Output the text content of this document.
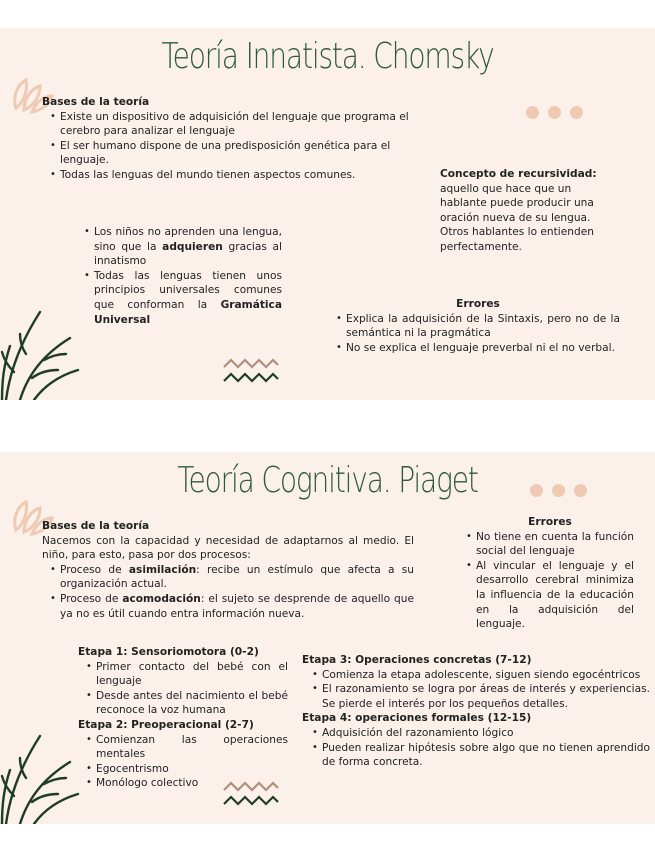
Teoría Innatista. Chomsky
Bases de la teoría
• Existe un dispositivo de adquisición del lenguaje que programa el cerebro para analizar el lenguaje
• El ser humano dispone de una predisposición genética para el lenguaje.
• Todas las lenguas del mundo tienen aspectos comunes.	Concepto de recursividad:
aquello que hace que un hablante puede producir una oración nueva de su lengua. Otros hablantes lo entienden perfectamente.
• Los niños no aprenden una lengua, sino que la adquieren gracias al innatismo
• Todas las lenguas tienen unos principios universales comunes que conforman la Gramática Universal
Errores
• Explica la adquisición de la Sintaxis, pero no de la semántica ni la pragmática
• No se explica el lenguaje preverbal ni el no verbal.
Teoría Cognitiva. Piaget
Bases de la teoría
Nacemos con la capacidad y necesidad de adaptarnos al medio. El niño, para esto, pasa por dos procesos:
• Proceso de asimilación: recibe un estímulo que afecta a su organización actual.
• Proceso de acomodación: el sujeto se desprende de aquello que ya no es útil cuando entra información nueva.
Errores
• No tiene en cuenta la función social del lenguaje
• Al vincular el lenguaje y el desarrollo cerebral minimiza la influencia de la educación en la adquisición del lenguaje.
Etapa 1: Sensoriomotora (0-2)
• Primer contacto del bebé con el lenguaje
• Desde antes del nacimiento el bebé reconoce la voz humana
Etapa 2: Preoperacional (2-7)
• Comienzan las operaciones mentales
• Egocentrismo
• Monólogo colectivo
Etapa 3: Operaciones concretas (7-12)
• Comienza la etapa adolescente, siguen siendo egocéntricos
• El razonamiento se logra por áreas de interés y experiencias. Se pierde el interés por los pequeños detalles.
Etapa 4: operaciones formales (12-15)
• Adquisición del razonamiento lógico
• Pueden realizar hipótesis sobre algo que no tienen aprendido de forma concreta.
